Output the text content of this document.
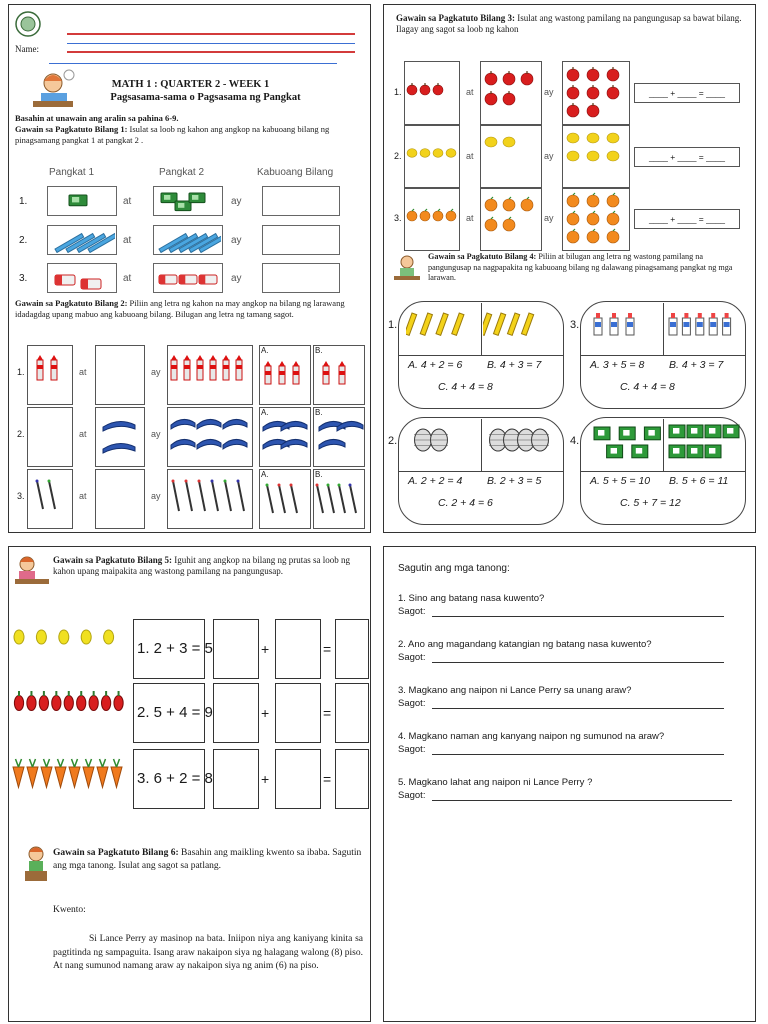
Name:
MATH 1 : QUARTER 2 - WEEK 1
Pagsasama-sama o Pagsasama ng Pangkat
Basahin at unawain ang aralin sa pahina 6-9.
Gawain sa Pagkatuto Bilang 1: Isulat sa loob ng kahon ang angkop na kabuoang bilang ng pinagsamang pangkat 1 at pangkat 2 .
Pangkat 1	Pangkat 2	Kabuoang Bilang
Gawain sa Pagkatuto Bilang 2: Piliin ang letra ng kahon na may angkop na bilang ng larawang idadagdag upang mabuo ang kabuoang bilang. Bilugan ang letra ng tamang sagot.
1.	at	ay
2.	at	ay
3.	at	ay
1.	at	ay
A.	B.
2.	at	ay
A.	B.
3.	at	ay
A.	B.
Gawain sa Pagkatuto Bilang 3: Isulat ang wastong pamilang na pangungusap sa bawat bilang. Ilagay ang sagot sa loob ng kahon
Gawain sa Pagkatuto Bilang 4: Piliin at bilugan ang letra ng wastong pamilang na pangungusap na nagpapakita ng kabuoang bilang ng dalawang pinagsamang pangkat ng mga larawan.
1.	at	ay	____ + ____ = ____
2.	at	ay	____ + ____ = ____
3.	at	ay	____ + ____ = ____
1.
A. 4 + 2 = 6 B. 4 + 3 = 7
C. 4 + 4 = 8
3.
A. 3 + 5 = 8 B. 4 + 3 = 7
C. 4 + 4 = 8
2.
A. 2 + 2 = 4 B. 2 + 3 = 5
C. 2 + 4 = 6
4.
A. 5 + 5 = 10 B. 5 + 6 = 11
C. 5 + 7 = 12
Gawain sa Pagkatuto Bilang 5: Iguhit ang angkop na bilang ng prutas sa loob ng kahon upang maipakita ang wastong pamilang na pangungusap.
Gawain sa Pagkatuto Bilang 6: Basahin ang maikling kwento sa ibaba. Sagutin ang mga tanong. Isulat ang sagot sa patlang.
Kwento:
Si Lance Perry ay masinop na bata. Iniipon niya ang kaniyang kinita sa pagtitinda ng sampaguita. Isang araw nakaipon siya ng halagang walong (8) piso. At nang sumunod namang araw ay nakaipon siya ng anim (6) na piso.
1. 2 + 3 = 5	+	=
2. 5 + 4 = 9	+	=
3. 6 + 2 = 8	+	=
Sagutin ang mga tanong:
1. Sino ang batang nasa kuwento?
Sagot:
2. Ano ang magandang katangian ng batang nasa kuwento?
Sagot:
3. Magkano ang naipon ni Lance Perry sa unang araw?
Sagot:
4. Magkano naman ang kanyang naipon ng sumunod na araw?
Sagot:
5. Magkano lahat ang naipon ni Lance Perry ?
Sagot:
